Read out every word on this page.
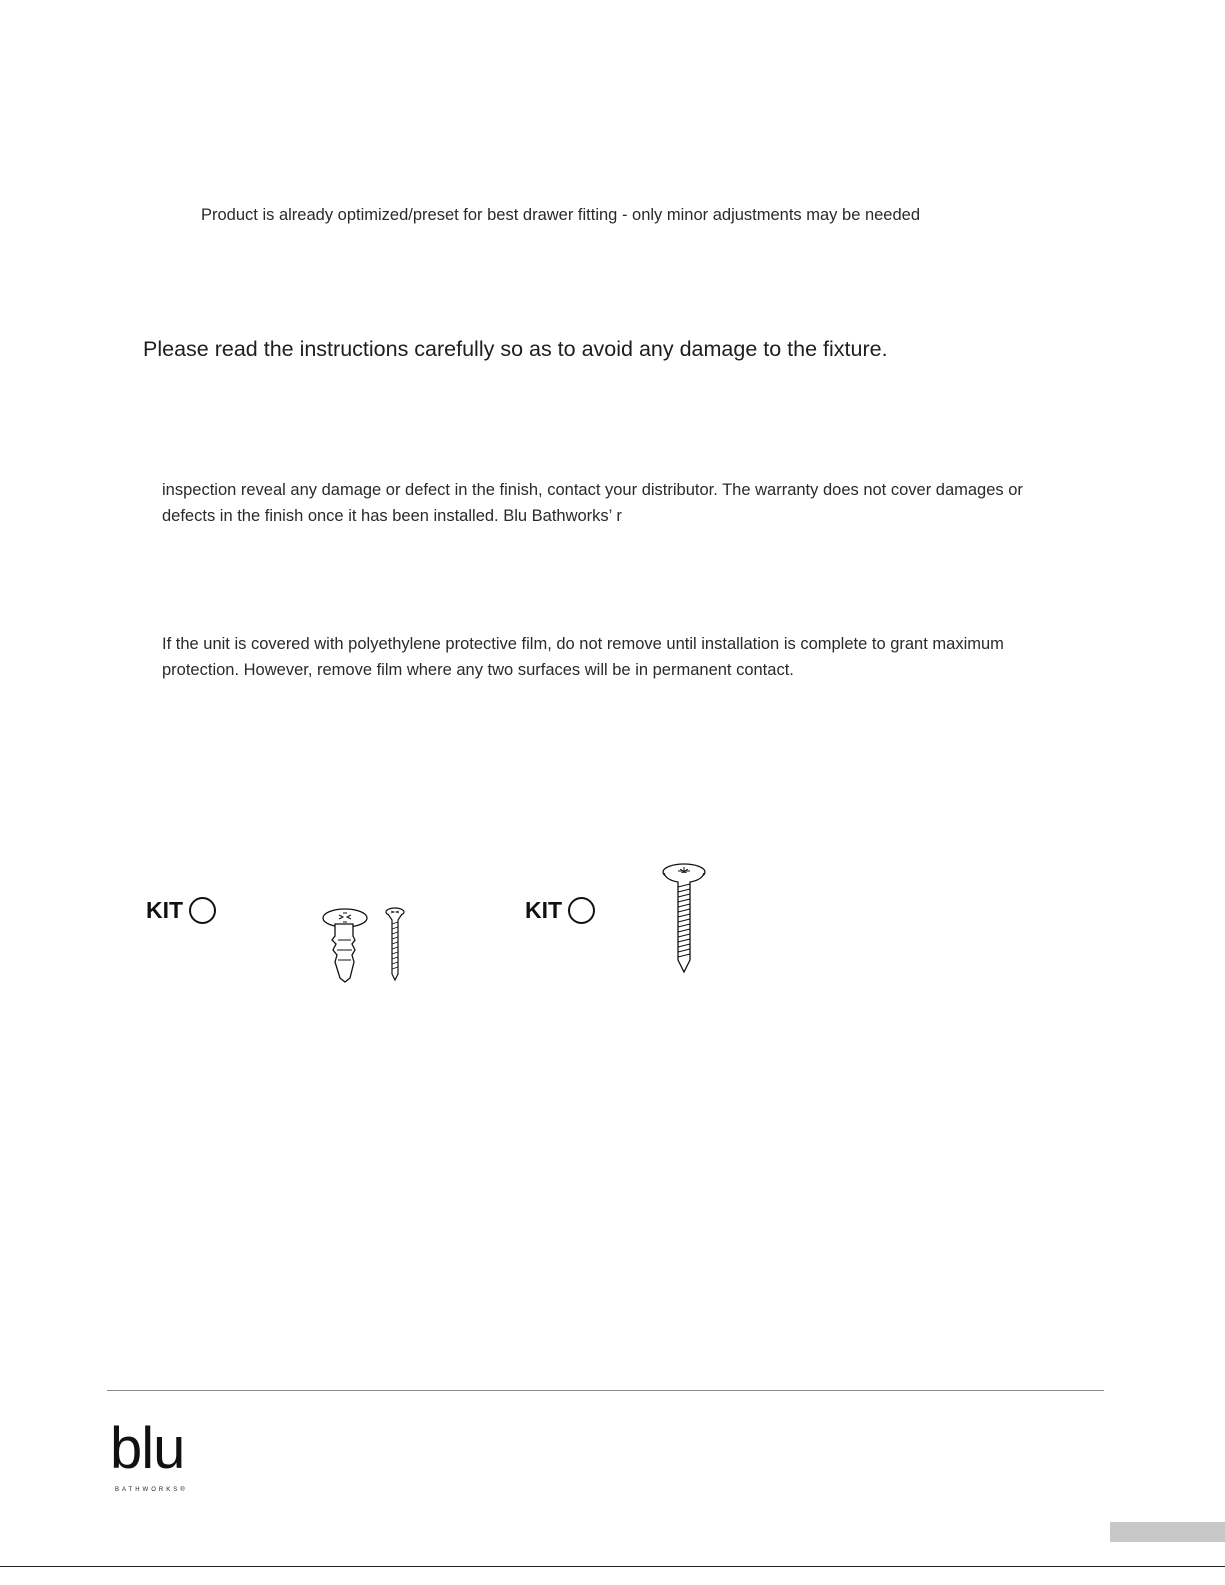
Product is already optimized/preset for best drawer fitting - only minor adjustments may be needed
Please read the instructions carefully so as to avoid any damage to the fixture.
inspection reveal any damage or defect in the finish, contact your distributor. The warranty does not cover damages or
defects in the finish once it has been installed. Blu Bathworks’ r
If the unit is covered with polyethylene protective film, do not remove until installation is complete to grant maximum
protection. However, remove film where any two surfaces will be in permanent contact.
KIT	KIT
blu
BATHWORKS®
